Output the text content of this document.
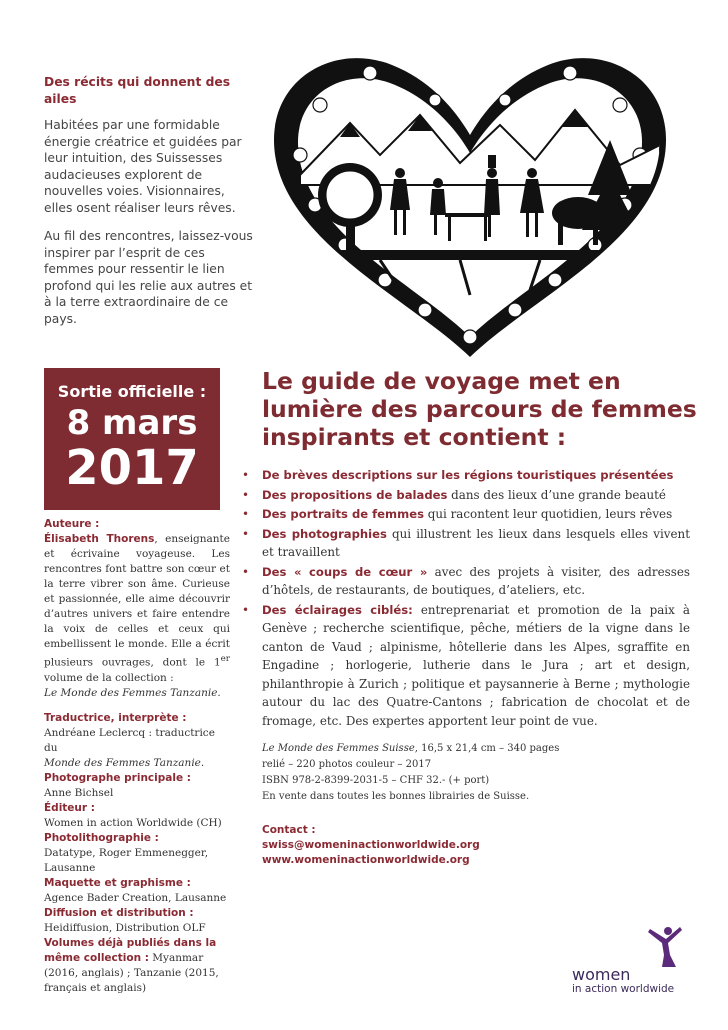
Des récits qui donnent des ailes

Habitées par une formidable énergie créatrice et guidées par leur intuition, des Suissesses audacieuses explorent de nouvelles voies. Visionnaires, elles osent réaliser leurs rêves.

Au fil des rencontres, laissez-vous inspirer par l’esprit de ces femmes pour ressentir le lien profond qui les relie aux autres et à la terre extraordinaire de ce pays.

Sortie officielle :
8 mars
2017
Auteure :
Élisabeth Thorens, enseignante et écrivaine voyageuse. Les rencontres font battre son cœur et la terre vibrer son âme. Curieuse et passionnée, elle aime découvrir d’autres univers et faire entendre la voix de celles et ceux qui embellissent le monde. Elle a écrit plusieurs ouvrages, dont le 1er volume de la collection :
Le Monde des Femmes Tanzanie.
Traductrice, interprète :
Andréane Leclercq : traductrice du
Monde des Femmes Tanzanie.
Photographe principale :
Anne Bichsel
Éditeur :
Women in action Worldwide (CH)
Photolithographie :
Datatype, Roger Emmenegger, Lausanne
Maquette et graphisme :
Agence Bader Creation, Lausanne
Diffusion et distribution :
Heidiffusion, Distribution OLF
Volumes déjà publiés dans la même collection : Myanmar (2016, anglais) ; Tanzanie (2015, français et anglais)
Le guide de voyage met en lumière des parcours de femmes inspirants et contient :
• De brèves descriptions sur les régions touristiques présentées
• Des propositions de balades dans des lieux d’une grande beauté
• Des portraits de femmes qui racontent leur quotidien, leurs rêves
• Des photographies qui illustrent les lieux dans lesquels elles vivent et travaillent
• Des « coups de cœur » avec des projets à visiter, des adresses d’hôtels, de restaurants, de boutiques, d’ateliers, etc.
• Des éclairages ciblés: entreprenariat et promotion de la paix à Genève ; recherche scientifique, pêche, métiers de la vigne dans le canton de Vaud ; alpinisme, hôtellerie dans les Alpes, sgraffite en Engadine ; horlogerie, lutherie dans le Jura ; art et design, philanthropie à Zurich ; politique et paysannerie à Berne ; mythologie autour du lac des Quatre-Cantons ; fabrication de chocolat et de fromage, etc. Des expertes apportent leur point de vue.
Le Monde des Femmes Suisse, 16,5 x 21,4 cm – 340 pages
relié – 220 photos couleur – 2017
ISBN 978-2-8399-2031-5 – CHF 32.- (+ port)
En vente dans toutes les bonnes librairies de Suisse.
Contact :
swiss@womeninactionworldwide.org
www.womeninactionworldwide.org
women
in action worldwide
